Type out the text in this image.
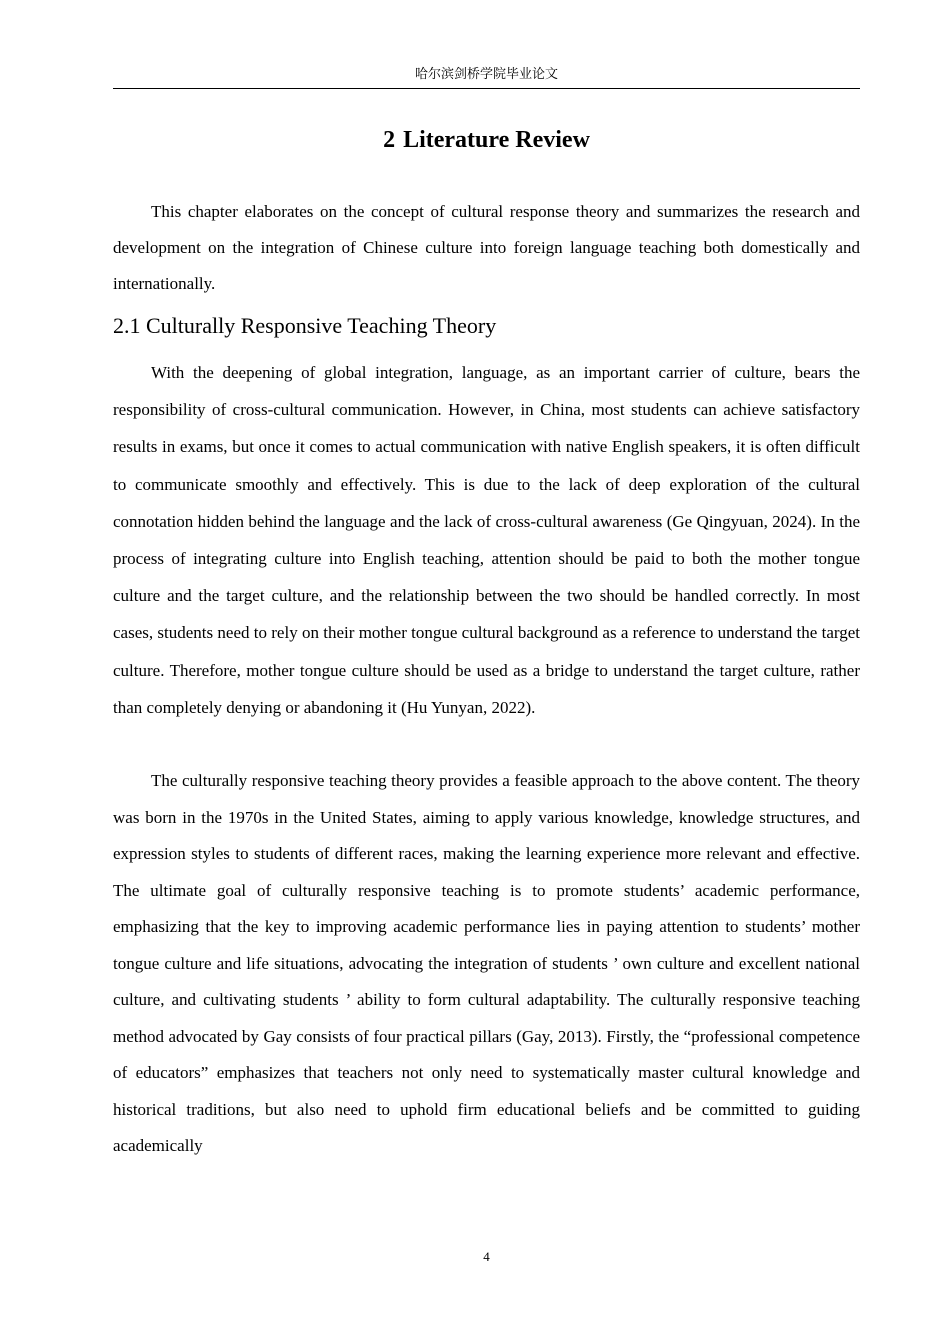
哈尔滨剑桥学院毕业论文
2 Literature Review

This chapter elaborates on the concept of cultural response theory and summarizes the research and development on the integration of Chinese culture into foreign language teaching both domestically and internationally.

2.1 Culturally Responsive Teaching Theory

With the deepening of global integration, language, as an important carrier of culture, bears the responsibility of cross-cultural communication. However, in China, most students can achieve satisfactory results in exams, but once it comes to actual communication with native English speakers, it is often difficult to communicate smoothly and effectively. This is due to the lack of deep exploration of the cultural connotation hidden behind the language and the lack of cross-cultural awareness (Ge Qingyuan, 2024). In the process of integrating culture into English teaching, attention should be paid to both the mother tongue culture and the target culture, and the relationship between the two should be handled correctly. In most cases, students need to rely on their mother tongue cultural background as a reference to understand the target culture. Therefore, mother tongue culture should be used as a bridge to understand the target culture, rather than completely denying or abandoning it (Hu Yunyan, 2022).

The culturally responsive teaching theory provides a feasible approach to the above content. The theory was born in the 1970s in the United States, aiming to apply various knowledge, knowledge structures, and expression styles to students of different races, making the learning experience more relevant and effective. The ultimate goal of culturally responsive teaching is to promote students’ academic performance, emphasizing that the key to improving academic performance lies in paying attention to students’ mother tongue culture and life situations, advocating the integration of students ’ own culture and excellent national culture, and cultivating students ’ ability to form cultural adaptability. The culturally responsive teaching method advocated by Gay consists of four practical pillars (Gay, 2013). Firstly, the “professional competence of educators” emphasizes that teachers not only need to systematically master cultural knowledge and historical traditions, but also need to uphold firm educational beliefs and be committed to guiding academically

4
